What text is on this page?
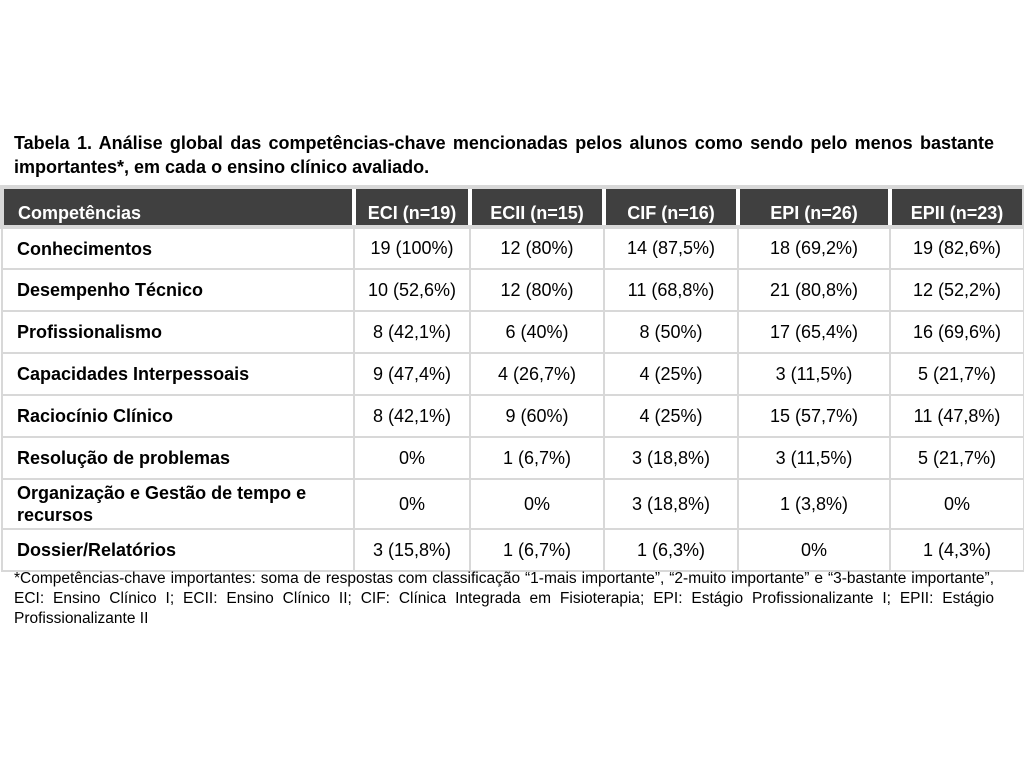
Tabela 1. Análise global das competências-chave mencionadas pelos alunos como sendo pelo menos bastante importantes*, em cada o ensino clínico avaliado.
Competências	ECI (n=19)	ECII (n=15)	CIF (n=16)	EPI (n=26)	EPII (n=23)
Conhecimentos	19 (100%)	12 (80%)	14 (87,5%)	18 (69,2%)	19 (82,6%)
Desempenho Técnico	10 (52,6%)	12 (80%)	11 (68,8%)	21 (80,8%)	12 (52,2%)
Profissionalismo	8 (42,1%)	6 (40%)	8 (50%)	17 (65,4%)	16 (69,6%)
Capacidades Interpessoais	9 (47,4%)	4 (26,7%)	4 (25%)	3 (11,5%)	5 (21,7%)
Raciocínio Clínico	8 (42,1%)	9 (60%)	4 (25%)	15 (57,7%)	11 (47,8%)
Resolução de problemas	0%	1 (6,7%)	3 (18,8%)	3 (11,5%)	5 (21,7%)
Organização e Gestão de tempo e recursos	0%	0%	3 (18,8%)	1 (3,8%)	0%
Dossier/Relatórios	3 (15,8%)	1 (6,7%)	1 (6,3%)	0%	1 (4,3%)
*Competências-chave importantes: soma de respostas com classificação “1-mais importante”, “2-muito importante” e “3-bastante importante”, ECI: Ensino Clínico I; ECII: Ensino Clínico II; CIF: Clínica Integrada em Fisioterapia; EPI: Estágio Profissionalizante I; EPII: Estágio Profissionalizante II
